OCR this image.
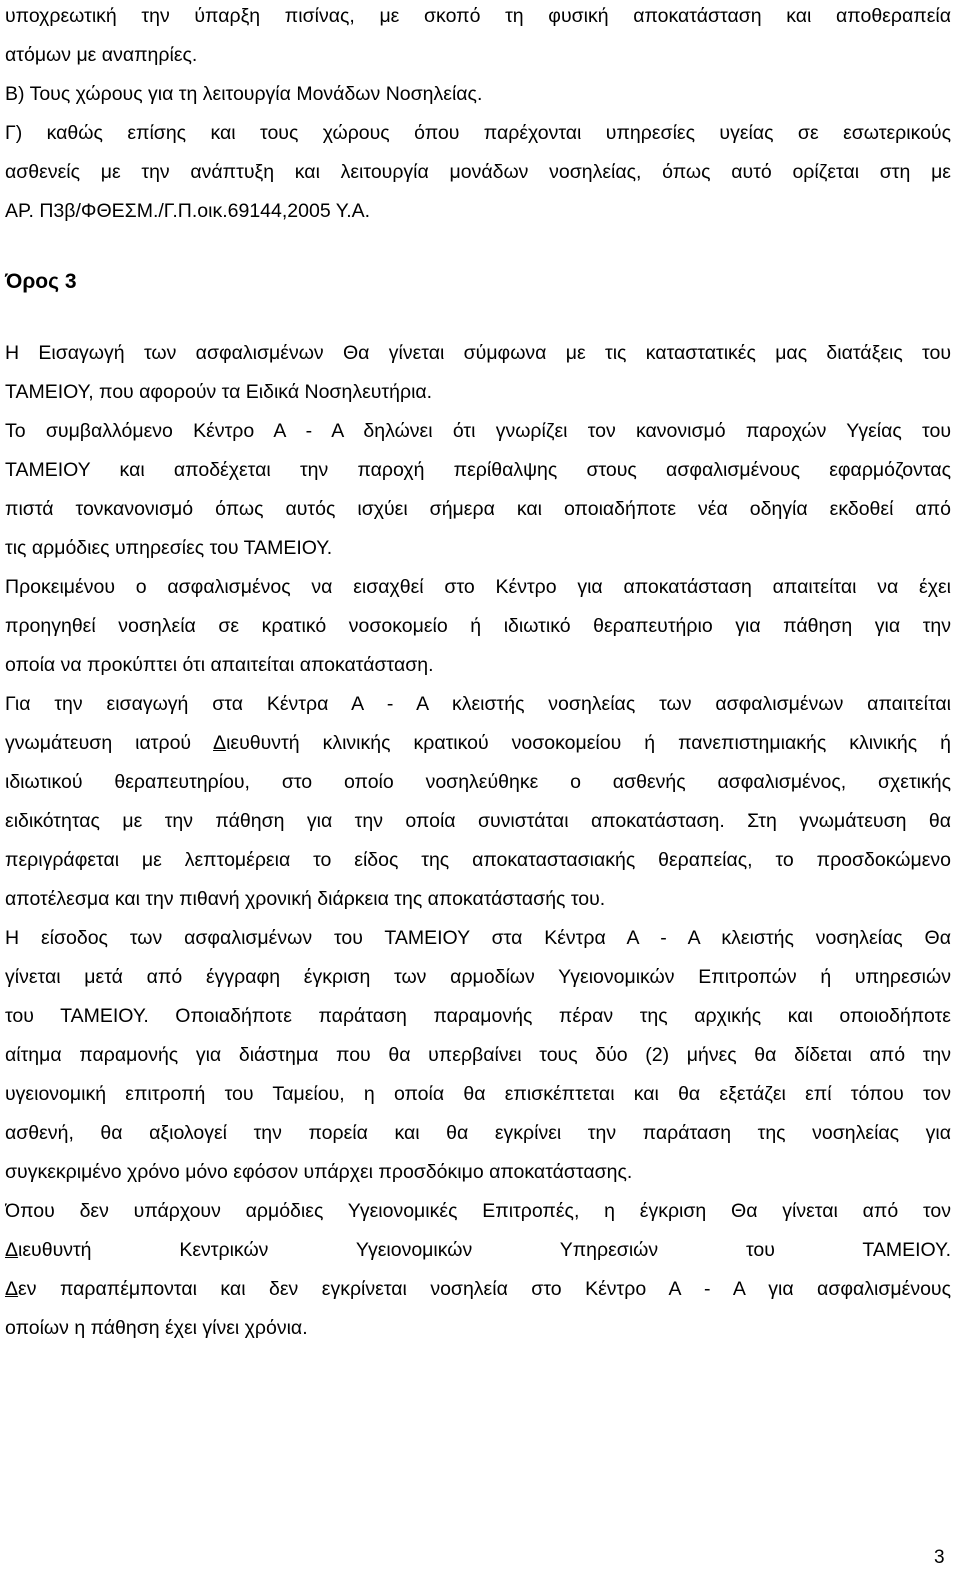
υποχρεωτική την ύπαρξη πισίνας, με σκοπό τη φυσική αποκατάσταση και αποθεραπεία
ατόμων με αναπηρίες.
Β) Τους χώρους για τη λειτουργία Μονάδων Νοσηλείας.
Γ) καθώς επίσης και τους χώρους όπου παρέχονται υπηρεσίες υγείας σε εσωτερικούς
ασθενείς με την ανάπτυξη και λειτουργία μονάδων νοσηλείας, όπως αυτό ορίζεται στη με
ΑΡ. Π3β/ΦΘΕΣΜ./Γ.Π.οικ.69144,2005 Υ.Α.
Όρος 3
Η Εισαγωγή των ασφαλισμένων Θα γίνεται σύμφωνα με τις καταστατικές μας διατάξεις του
ΤΑΜΕΙΟΥ, που αφορούν τα Ειδικά Νοσηλευτήρια.
Το συμβαλλόμενο Κέντρο Α - Α δηλώνει ότι γνωρίζει τον κανονισμό παροχών Υγείας του
ΤΑΜΕΙΟΥ και αποδέχεται την παροχή περίθαλψης στους ασφαλισμένους εφαρμόζοντας
πιστά τονκανονισμό όπως αυτός ισχύει σήμερα και οποιαδήποτε νέα οδηγία εκδοθεί από
τις αρμόδιες υπηρεσίες του ΤΑΜΕΙΟΥ.
Προκειμένου ο ασφαλισμένος να εισαχθεί στο Κέντρο για αποκατάσταση απαιτείται να έχει
προηγηθεί νοσηλεία σε κρατικό νοσοκομείο ή ιδιωτικό θεραπευτήριο για πάθηση για την
οποία να προκύπτει ότι απαιτείται αποκατάσταση.
Για την εισαγωγή στα Κέντρα Α - Α κλειστής νοσηλείας των ασφαλισμένων απαιτείται
γνωμάτευση ιατρού Διευθυντή κλινικής κρατικού νοσοκομείου ή πανεπιστημιακής κλινικής ή
ιδιωτικού θεραπευτηρίου, στο οποίο νοσηλεύθηκε ο ασθενής ασφαλισμένος, σχετικής
ειδικότητας με την πάθηση για την οποία συνιστάται αποκατάσταση. Στη γνωμάτευση θα
περιγράφεται με λεπτομέρεια το είδος της αποκαταστασιακής θεραπείας, το προσδοκώμενο
αποτέλεσμα και την πιθανή χρονική διάρκεια της αποκατάστασής του.
Η είσοδος των ασφαλισμένων του ΤΑΜΕΙΟΥ στα Κέντρα Α - Α κλειστής νοσηλείας Θα
γίνεται μετά από έγγραφη έγκριση των αρμοδίων Υγειονομικών Επιτροπών ή υπηρεσιών
του ΤΑΜΕΙΟΥ. Οποιαδήποτε παράταση παραμονής πέραν της αρχικής και οποιοδήποτε
αίτημα παραμονής για διάστημα που θα υπερβαίνει τους δύο (2) μήνες θα δίδεται από την
υγειονομική επιτροπή του Ταμείου, η οποία θα επισκέπτεται και θα εξετάζει επί τόπου τον
ασθενή, θα αξιολογεί την πορεία και θα εγκρίνει την παράταση της νοσηλείας για
συγκεκριμένο χρόνο μόνο εφόσον υπάρχει προσδόκιμο αποκατάστασης.
Όπου δεν υπάρχουν αρμόδιες Υγειονομικές Επιτροπές, η έγκριση Θα γίνεται από τον
Διευθυντή Κεντρικών Υγειονομικών Υπηρεσιών του ΤΑΜΕΙΟΥ.
Δεν παραπέμπονται και δεν εγκρίνεται νοσηλεία στο Κέντρο Α - Α για ασφαλισμένους
οποίων η πάθηση έχει γίνει χρόνια.
3
